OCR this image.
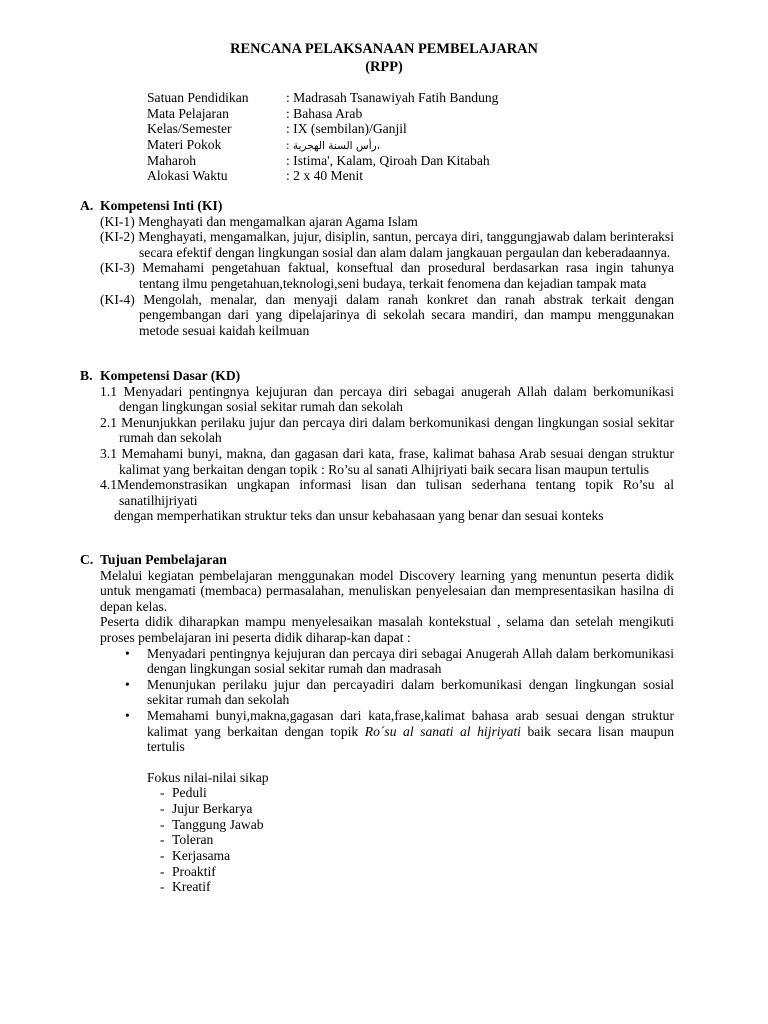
RENCANA PELAKSANAAN PEMBELAJARAN
(RPP)
Satuan Pendidikan	: Madrasah Tsanawiyah Fatih Bandung
Mata Pelajaran	: Bahasa Arab
Kelas/Semester	: IX (sembilan)/Ganjil
Materi Pokok	: رأس السنة الهجرية،
Maharoh	: Istima', Kalam, Qiroah Dan Kitabah
Alokasi Waktu	: 2 x 40 Menit
A. Kompetensi Inti (KI)
(KI-1) Menghayati dan mengamalkan ajaran Agama Islam
(KI-2) Menghayati, mengamalkan, jujur, disiplin, santun, percaya diri, tanggungjawab dalam berinteraksi secara efektif dengan lingkungan sosial dan alam dalam jangkauan pergaulan dan keberadaannya.
(KI-3) Memahami pengetahuan faktual, konseftual dan prosedural berdasarkan rasa ingin tahunya tentang ilmu pengetahuan,teknologi,seni budaya, terkait fenomena dan kejadian tampak mata
(KI-4) Mengolah, menalar, dan menyaji dalam ranah konkret dan ranah abstrak terkait dengan pengembangan dari yang dipelajarinya di sekolah secara mandiri, dan mampu menggunakan metode sesuai kaidah keilmuan
B. Kompetensi Dasar (KD)
1.1 Menyadari pentingnya kejujuran dan percaya diri sebagai anugerah Allah dalam berkomunikasi dengan lingkungan sosial sekitar rumah dan sekolah
2.1 Menunjukkan perilaku jujur dan percaya diri dalam berkomunikasi dengan lingkungan sosial sekitar rumah dan sekolah
3.1 Memahami bunyi, makna, dan gagasan dari kata, frase, kalimat bahasa Arab sesuai dengan struktur kalimat yang berkaitan dengan topik : Ro’su al sanati Alhijriyati baik secara lisan maupun tertulis
4.1Mendemonstrasikan ungkapan informasi lisan dan tulisan sederhana tentang topik Ro’su al sanatilhijriyati
dengan memperhatikan struktur teks dan unsur kebahasaan yang benar dan sesuai konteks
C. Tujuan Pembelajaran
Melalui kegiatan pembelajaran menggunakan model Discovery learning yang menuntun peserta didik untuk mengamati (membaca) permasalahan, menuliskan penyelesaian dan mempresentasikan hasilna di depan kelas.
Peserta didik diharapkan mampu menyelesaikan masalah kontekstual , selama dan setelah mengikuti proses pembelajaran ini peserta didik diharap-kan dapat :
• Menyadari pentingnya kejujuran dan percaya diri sebagai Anugerah Allah dalam berkomunikasi dengan lingkungan sosial sekitar rumah dan madrasah
• Menunjukan perilaku jujur dan percayadiri dalam berkomunikasi dengan lingkungan sosial sekitar rumah dan sekolah
• Memahami bunyi,makna,gagasan dari kata,frase,kalimat bahasa arab sesuai dengan struktur kalimat yang berkaitan dengan topik Ro´su al sanati al hijriyati baik secara lisan maupun tertulis
Fokus nilai-nilai sikap
- Peduli
- Jujur Berkarya
- Tanggung Jawab
- Toleran
- Kerjasama
- Proaktif
- Kreatif
